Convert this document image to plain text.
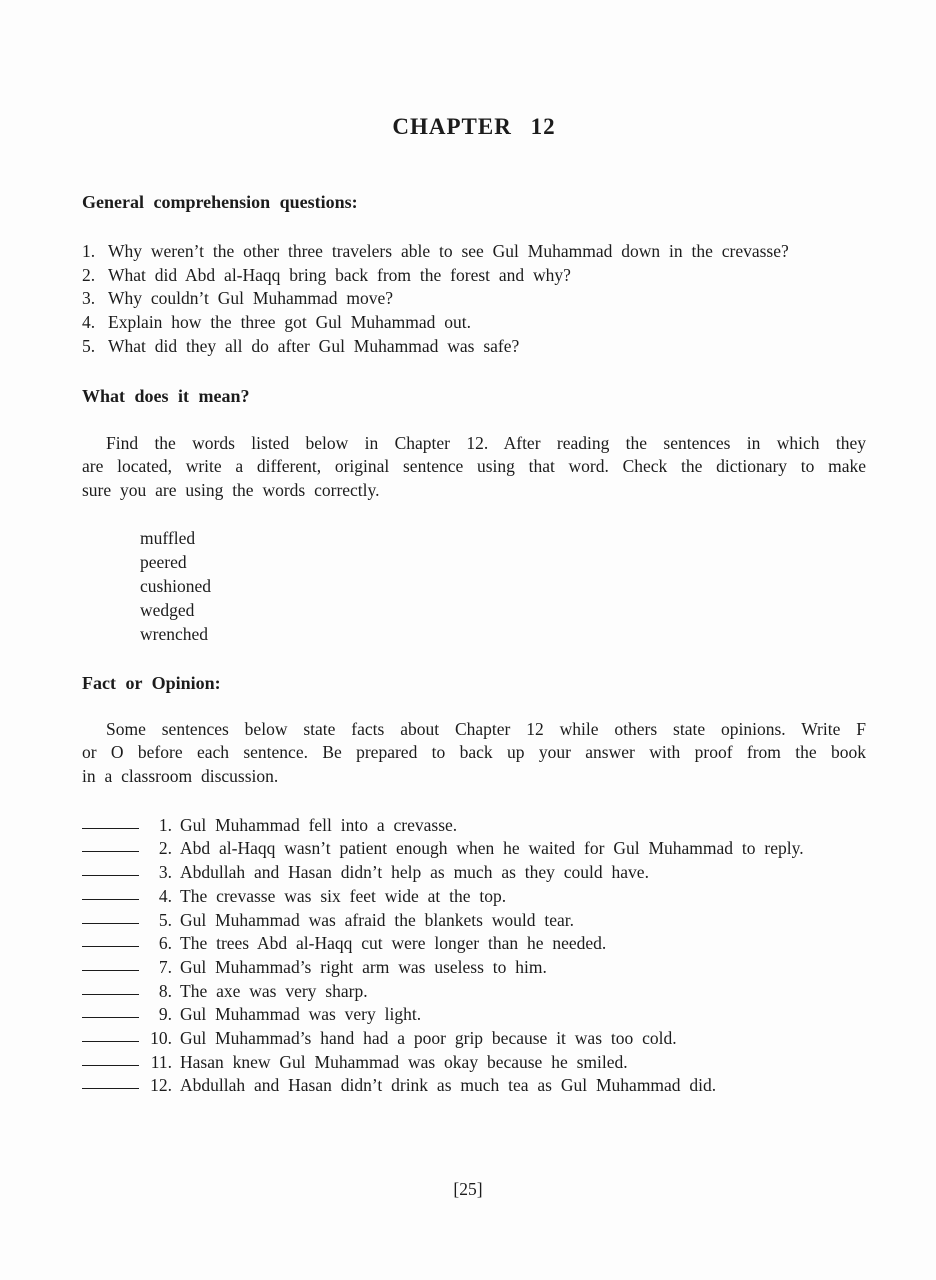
CHAPTER 12
General comprehension questions:
1. Why weren’t the other three travelers able to see Gul Muhammad down in the crevasse?
2. What did Abd al-Haqq bring back from the forest and why?
3. Why couldn’t Gul Muhammad move?
4. Explain how the three got Gul Muhammad out.
5. What did they all do after Gul Muhammad was safe?
What does it mean?
Find the words listed below in Chapter 12. After reading the sentences in which they
are located, write a different, original sentence using that word. Check the dictionary to make
sure you are using the words correctly.
muffled
peered
cushioned
wedged
wrenched
Fact or Opinion:
Some sentences below state facts about Chapter 12 while others state opinions. Write F
or O before each sentence. Be prepared to back up your answer with proof from the book
in a classroom discussion.
1. Gul Muhammad fell into a crevasse.
2. Abd al-Haqq wasn’t patient enough when he waited for Gul Muhammad to reply.
3. Abdullah and Hasan didn’t help as much as they could have.
4. The crevasse was six feet wide at the top.
5. Gul Muhammad was afraid the blankets would tear.
6. The trees Abd al-Haqq cut were longer than he needed.
7. Gul Muhammad’s right arm was useless to him.
8. The axe was very sharp.
9. Gul Muhammad was very light.
10. Gul Muhammad’s hand had a poor grip because it was too cold.
11. Hasan knew Gul Muhammad was okay because he smiled.
12. Abdullah and Hasan didn’t drink as much tea as Gul Muhammad did.
[25]
